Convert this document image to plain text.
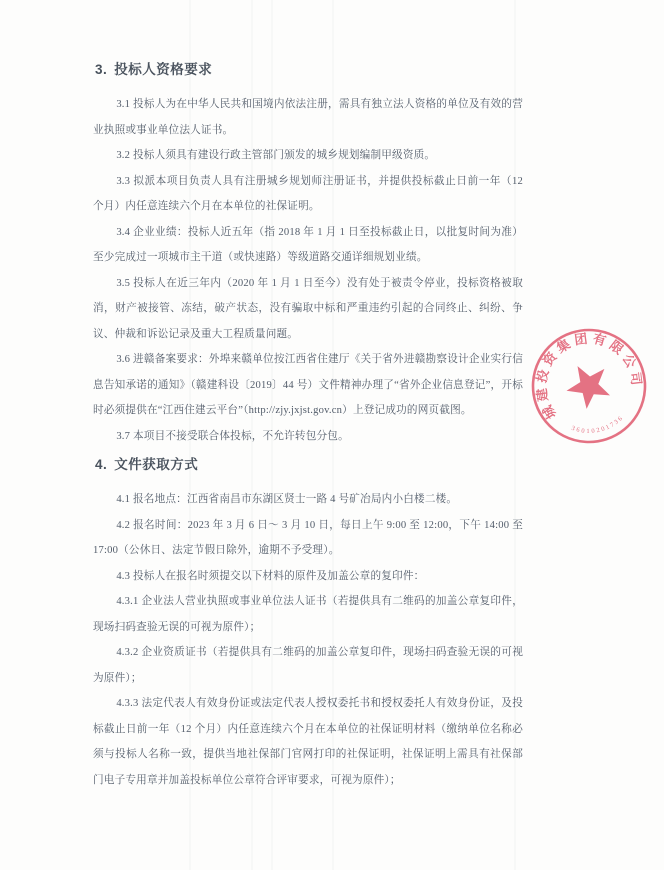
3. 投标人资格要求

3.1 投标人为在中华人民共和国境内依法注册，需具有独立法人资格的单位及有效的营业执照或事业单位法人证书。

3.2 投标人须具有建设行政主管部门颁发的城乡规划编制甲级资质。

3.3 拟派本项目负责人具有注册城乡规划师注册证书，并提供投标截止日前一年（12 个月）内任意连续六个月在本单位的社保证明。

3.4 企业业绩：投标人近五年（指 2018 年 1 月 1 日至投标截止日，以批复时间为准）至少完成过一项城市主干道（或快速路）等级道路交通详细规划业绩。

3.5 投标人在近三年内（2020 年 1 月 1 日至今）没有处于被责令停业，投标资格被取消，财产被接管、冻结，破产状态，没有骗取中标和严重违约引起的合同终止、纠纷、争议、仲裁和诉讼记录及重大工程质量问题。

3.6 进赣备案要求：外埠来赣单位按江西省住建厅《关于省外进赣勘察设计企业实行信息告知承诺的通知》（赣建科设〔2019〕44 号）文件精神办理了“省外企业信息登记”，开标时必须提供在“江西住建云平台”（http://zjy.jxjst.gov.cn）上登记成功的网页截图。

3.7 本项目不接受联合体投标，不允许转包分包。

4. 文件获取方式

4.1 报名地点：江西省南昌市东湖区贤士一路 4 号矿冶局内小白楼二楼。

4.2 报名时间：2023 年 3 月 6 日～ 3 月 10 日，每日上午 9:00 至 12:00，下午 14:00 至 17:00（公休日、法定节假日除外，逾期不予受理）。

4.3 投标人在报名时须提交以下材料的原件及加盖公章的复印件：

4.3.1 企业法人营业执照或事业单位法人证书（若提供具有二维码的加盖公章复印件，现场扫码查验无误的可视为原件）；

4.3.2 企业资质证书（若提供具有二维码的加盖公章复印件，现场扫码查验无误的可视为原件）；

4.3.3 法定代表人有效身份证或法定代表人授权委托书和授权委托人有效身份证，及投标截止日前一年（12 个月）内任意连续六个月在本单位的社保证明材料（缴纳单位名称必须与投标人名称一致，提供当地社保部门官网打印的社保证明，社保证明上需具有社保部门电子专用章并加盖投标单位公章符合评审要求，可视为原件）；

城建投资集团有限公司
36010201736
